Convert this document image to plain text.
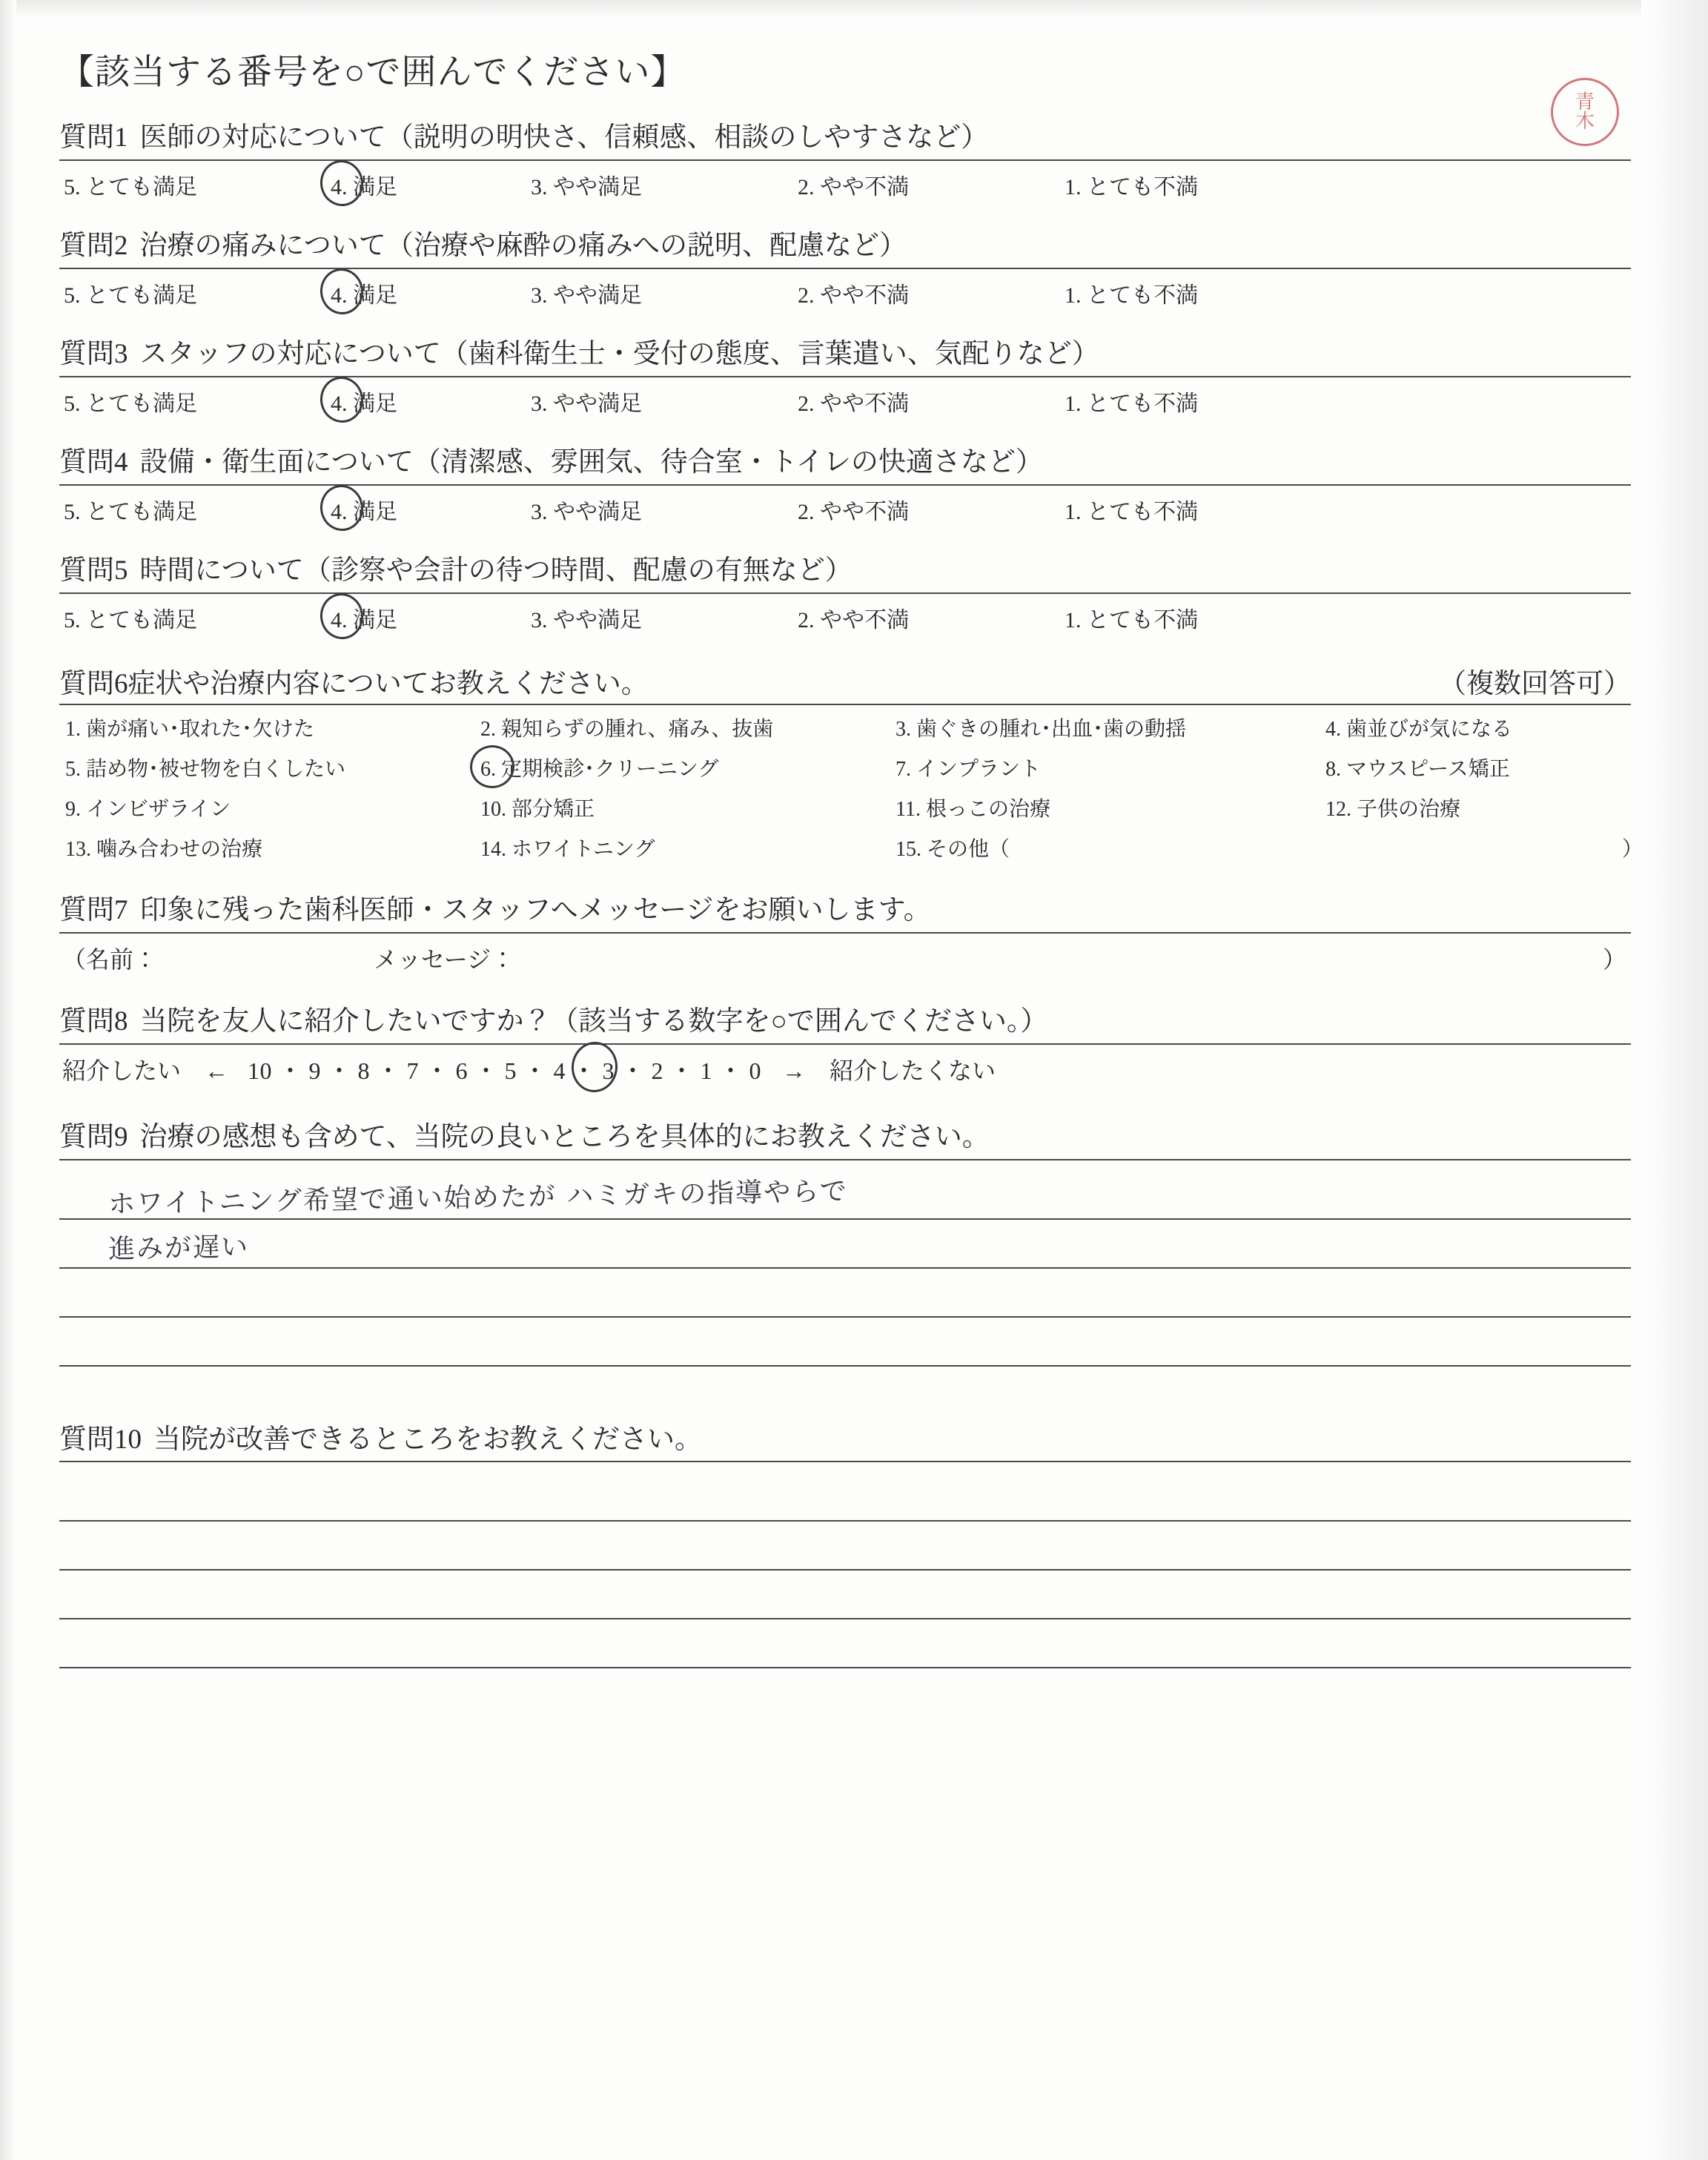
青
木
【該当する番号を○で囲んでください】
質問1 医師の対応について（説明の明快さ、信頼感、相談のしやすさなど）
5. とても満足	4. 満足	3. やや満足	2. やや不満	1. とても不満
質問2 治療の痛みについて（治療や麻酔の痛みへの説明、配慮など）
5. とても満足	4. 満足	3. やや満足	2. やや不満	1. とても不満
質問3 スタッフの対応について（歯科衛生士・受付の態度、言葉遣い、気配りなど）
5. とても満足	4. 満足	3. やや満足	2. やや不満	1. とても不満
質問4 設備・衛生面について（清潔感、雰囲気、待合室・トイレの快適さなど）
5. とても満足	4. 満足	3. やや満足	2. やや不満	1. とても不満
質問5 時間について（診察や会計の待つ時間、配慮の有無など）
5. とても満足	4. 満足	3. やや満足	2. やや不満	1. とても不満
質問6症状や治療内容についてお教えください。	（複数回答可）
1. 歯が痛い･取れた･欠けた	2. 親知らずの腫れ、痛み、抜歯	3. 歯ぐきの腫れ･出血･歯の動揺	4. 歯並びが気になる
5. 詰め物･被せ物を白くしたい	6. 定期検診･クリーニング	7. インプラント	8. マウスピース矯正
9. インビザライン	10. 部分矯正	11. 根っこの治療	12. 子供の治療
13. 噛み合わせの治療	14. ホワイトニング	15. その他（	）
質問7 印象に残った歯科医師・スタッフへメッセージをお願いします。
（名前：	メッセージ：	）
質問8 当院を友人に紹介したいですか？（該当する数字を○で囲んでください。）
紹介したい　← 10 ・ 9 ・ 8 ・ 7 ・ 6 ・ 5 ・ 4 ・ 3 ・ 2 ・ 1 ・ 0 →　紹介したくない
質問9 治療の感想も含めて、当院の良いところを具体的にお教えください。
ホワイトニング希望で通い始めたが ハミガキの指導やらで
進みが遅い
質問10 当院が改善できるところをお教えください。
